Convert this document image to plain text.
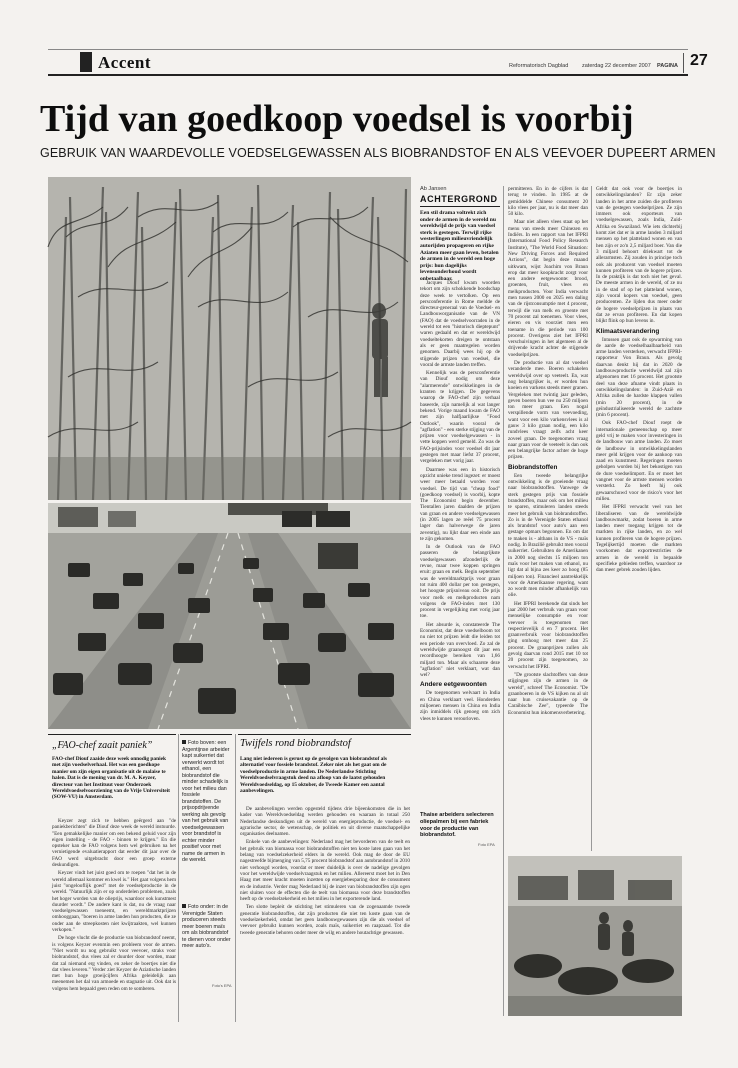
Accent	Reformatorisch Dagblad zaterdag 22 december 2007 PAGINA 27
Tijd van goedkoop voedsel is voorbij
GEBRUIK VAN WAARDEVOLLE VOEDSELGEWASSEN ALS BIOBRANDSTOF EN ALS VEEVOER DUPEERT ARMEN
Ab Jansen
ACHTERGROND
Een stil drama voltrekt zich onder de armen in de wereld nu wereldwijd de prijs van voedsel sterk is gestegen. Terwijl rijke westerlingen milieuvriendelijk autorijden propageren en rijke Aziaten meer gaan leven, betalen de armen in de wereld een hoge prijs: hun dagelijks levensonderhoud wordt onbetaalbaar.

Jacques Diouf kwam woorden tekort om zijn schokkende boodschap deze week te vertolken. Op een persconferentie in Rome meldde de directeur-generaal van de Voedsel- en Landbouworganisatie van de VN (FAO) dat de voedselvoorraden in de wereld tot een "historisch dieptepunt" waren gedaald en dat er wereldwijd voedseltekorten dreigen te ontstaan als er geen maatregelen worden genomen. Daarbij wees hij op de stijgende prijzen van voedsel, die vooral de armste landen treffen.

Kennelijk was de persconferentie van Diouf nodig om deze "alarmerende" ontwikkelingen in de kranten te krijgen. De gegevens waarop de FAO-chef zijn verhaal baseerde, zijn namelijk al wat langer bekend. Vorige maand kwam de FAO met zijn halfjaarlijkse "Food Outlook", waarin vooral de "agflation" - een sterke stijging van de prijzen voor voedselgewassen - in vette koppen werd gemeld. Zo was de FAO-prijsindex voor voedsel dit jaar gestegen met maar liefst 37 procent, vergeleken met vorig jaar.

Daarmee was een in historisch opzicht unieke trend ingezet: er moest weer meer betaald worden voor voedsel. De tijd van "cheap food" (goedkoop voedsel) is voorbij, kopte The Economist begin december. Tientallen jaren daalden de prijzen van graan en andere voedselgewassen (in 2005 lagen ze reëel 75 procent lager dan halverwege de jaren zeventig), nu lijkt daar een einde aan te zijn gekomen.

In de Outlook van de FAO passeren de belangrijkste voedselgewassen afzonderlijk de revue, maar twee koppen springen eruit: graan en melk. Begin september was de wereldmarktprijs voor graan tot ruim 400 dollar per ton gestegen, het hoogste prijsniveau ooit. De prijs voor melk en melkproducten nam volgens de FAO-index met 130 procent in vergelijking met vorig jaar toe.

Het absurde is, constateerde The Economist, dat deze voedselboom tot nu niet tot prijzen leidt die leiden tot een periode van overvloed. Zo zal de wereldwijde graanoogst dit jaar een recordhoogte bereiken van 1,66 miljard ton. Maar als schaarste deze "agflation" niet verklaart, wat dan wel?

Andere eetgewoonten

De toegenomen welvaart in India en China verklaart veel. Honderden miljoenen mensen in China en India zijn inmiddels rijk genoeg om zich vlees te kunnen veroorloven.

Thaise arbeiders selecteren oliepalmen bij een fabriek voor de productie van biobrandstof.
Foto EPA

permitteren. En in de cijfers is dat terug te vinden. In 1985 at de gemiddelde Chinese consument 20 kilo vlees per jaar, nu is dat meer dan 50 kilo.

Maar niet alleen vlees staat op het menu van steeds meer Chinezen en Indiërs. In een rapport van het IFPRI (International Food Policy Research Institute), "The World Food Situation: New Driving Forces and Required Actions", dat begin deze maand uitkwam, wijst Joachim von Braun erop dat meer koopkracht zorgt voor een andere eetgewoonte: brood, groenten, fruit, vlees en melkproducten. Voor India verwacht men tussen 2000 en 2025 een daling van de rijstconsumptie met 4 procent, terwijl die van melk en groente met 70 procent zal toenemen. Voor vlees, eieren en vis voorziet men een toename in die periode van 100 procent. Overigens ziet het IFPRI verschuivingen in het algemeen al de drijvende kracht achter de stijgende voedselprijzen.

De productie van al dat voedsel veranderde mee. Boeren schakelen wereldwijd over op veeteelt. En, wat nog belangrijker is, er worden hun koeien en varkens steeds meer granen. Vergeleken met twintig jaar geleden, geven boeren hun vee nu 250 miljoen ton meer graan. Een nogal verspillende vorm van veevoeding, want voor een kilo varkensvlees is al gauw 3 kilo graan nodig, een kilo rundvlees vraagt zelfs acht keer zoveel graan. De toegenomen vraag naar graan voor de veeteelt is dan ook een belangrijke factor achter de hoge prijzen.

Biobrandstoffen

Een tweede belangrijke ontwikkeling is de groeiende vraag naar biobrandstoffen. Vanwege de sterk gestegen prijs van fossiele brandstoffen, maar ook om het milieu te sparen, stimuleren landen steeds meer het gebruik van biobrandstoffen. Zo is in de Verenigde Staten ethanol als brandstof voor auto's aan een gestage opmars begonnen. En om dat te maken is - althans in de VS - maïs nodig. In Brazilië gebruikt men vooral suikerriet. Gebruikten de Amerikanen in 2000 nog slechts 15 miljoen ton maïs voor het maken van ethanol, nu ligt dat al bijna zes keer zo hoog (85 miljoen ton). Financieel aantrekkelijk voor de Amerikaanse regering, want zo wordt men minder afhankelijk van olie.

Het IFPRI berekende dat sinds het jaar 2000 het verbruik van graan voor menselijke consumptie en voor veevoer is toegenomen met respectievelijk 4 en 7 procent. Het graanverbruik voor biobrandstoffen ging omhoog met meer dan 25 procent. De graanprijzen zullen als gevolg daarvan rond 2015 met 10 tot 20 procent zijn toegenomen, zo verwacht het IFPRI.

"De grootste slachtoffers van deze stijgingen zijn de armen in de wereld", schreef The Economist. "De graanboeren in de VS kijken nu al uit naar hun cruisevakantie op de Caraïbische Zee", typeerde The Economist hun inkomensverbetering.

Geldt dat ook voor de boertjes in ontwikkelingslanden? Er zijn zeker landen in het arme zuiden die profiteren van de gestegen voedselprijzen. Ze zijn immers ook exporteurs van voedselgewassen, zoals India, Zuid-Afrika en Swaziland. Wie iets dichterbij komt ziet dat er in arme landen 3 miljard mensen op het platteland wonen en van hen zijn er zo'n 2,5 miljard boer. Van die 3 miljard behoort driekwart tot de allerarmsten. Zij zouden in principe toch ook als producent van voedsel moeten kunnen profiteren van de hogere prijzen. In de praktijk is dat toch niet het geval. De meeste armen in de wereld, of ze nu in de stad of op het platteland wonen, zijn vooral kopers van voedsel, geen producenten. Ze lijden dus meer onder de hogere voedselprijzen in plaats van dat ze ervan profiteren. En dat kopen blijkt flink op hun levens in.

Klimaatsverandering

Intussen gaat ook de opwarming van de aarde de voedselhaalbaarheid van arme landen versterken, verwacht IFPRI-rapporteur Von Braun. Als gevolg daarvan denkt hij dat in 2020 de landbouwproductie wereldwijd zal zijn afgenomen met 16 procent. Het grootste deel van deze afname vindt plaats in ontwikkelingslanden: in Zuid-Azië en Afrika zullen de hardste klappen vallen (min 20 procent), in de geïndustrialiseerde wereld de zachtste (min 6 procent).

Ook FAO-chef Diouf roept de internationale gemeenschap op meer geld vrij te maken voor investeringen in de landbouw van arme landen. Zo moet de landbouw in ontwikkelingslanden meer geld krijgen voor de aankoop van zaad en kunstmest. Regeringen moeten geholpen worden bij het bekostigen van de dure voedselimport. En er moet het vangnet voor de armste mensen worden versterkt. Zo heeft hij ook gewaarschuwd voor de risico's voor het milieu.

Het IFPRI verwacht veel van het liberaliseren van de wereldwijde landbouwmarkt, zodat boeren in arme landen meer toegang krijgen tot de markten in rijke landen, en zo wel kunnen profiteren van de hogere prijzen. Tegelijkertijd moeten die markten voorkomen dat exportrestricties de armen in de wereld in bepaalde specifieke gebieden treffen, waardoor ze dan meer gebrek zouden lijden.

„FAO-chef zaait paniek”
FAO-chef Diouf zaaide deze week onnodig paniek met zijn voedselverhaal. Het was een goedkope manier om zijn eigen organisatie uit de malaise te halen. Dat is de mening van dr. M. A. Keyzer, directeur van het Instituut voor Onderzoek Wereldvoedselvoorziening van de Vrije Universiteit (SOW-VU) in Amsterdam.

Keyzer zegt zich te hebben geërgerd aan "de paniekberichten" die Diouf deze week de wereld instuurde. "Een gemakkelijke manier om een bekend geluid voor zijn eigen instelling - de FAO - binnen te krijgen." En die opsteker kan de FAO volgens hem wel gebruiken na het vernietigende evaluatierapport dat eerder dit jaar over de FAO werd uitgebracht door een groep externe deskundigen.

Keyzer vindt het juist goed om te roepen "dat het in de wereld allemaal kommer en kwel is." Het gaat volgens hem juist "ongelooflijk goed" met de voedselproductie in de wereld. "Natuurlijk zijn er op onderdelen problemen, zoals het hoger worden van de olieprijs, waardoor ook kunstmest duurder wordt." De andere kant is dat, nu de vraag naar voedselgewassen toeneemt, en wereldmarktprijzen omhooggaan, "boeren in arme landen hun producten, die ze onder aan de streepkosten niet kwijtraakten, wel kunnen verkopen."

De hoge vlucht die de productie van biobrandstof neemt, is volgens Keyzer evenmin een probleem voor de armen. "Niet wordt nu nog gebruikt voor veevoer, straks voor biobrandstof, dus vlees zal er duurder door worden, maar dat zal niemand erg vinden, en zeker de boertjes niet die dat vlees leveren." Verder ziet Keyzer de Aziatische landen met hun hoge groeijcijfers Afrika geleidelijk aan meenemen het dal van armoede en stagnatie uit. Ook dat is volgens hem bepaald geen reden om te somberen.

Foto boven: een Argentijnse arbeider kapt suikerriet dat verwerkt wordt tot ethanol, een biobrandstof die minder schadelijk is voor het milieu dan fossiele brandstoffen. De prijsopdrijvende werking als gevolg van het gebruik van voedselgewassen voor brandstof is echter minder positief voor met name de armen in de wereld.
Foto onder: in de Verenigde Staten produceren steeds meer boeren maïs om als biobrandstof te dienen voor onder meer auto's.
Foto's EPA
Twijfels rond biobrandstof
Lang niet iedereen is gerust op de gevolgen van biobrandstof als alternatief voor fossiele brandstof. Zeker niet als het gaat om de voedselproductie in arme landen. De Nederlandse Stichting Wereldvoedselvraagstuk deed na afloop van de laatst gehouden Wereldvoedseldag, op 15 oktober, de Tweede Kamer een aantal aanbevelingen.

De aanbevelingen werden opgesteld tijdens drie bijeenkomsten die in het kader van Wereldvoedseldag werden gehouden en waaraan in totaal 250 Nederlandse deskundigen uit de wereld van energieproductie, de voedsel- en agrarische sector, de wetenschap, de politiek en uit diverse maatschappelijke organisaties deelnamen.

Enkele van de aanbevelingen: Nederland mag het bevorderen van de teelt en het gebruik van biomassa voor biobrandstoffen niet ten koste laten gaan van het belang van voedselzekerheid elders in de wereld. Ook mag de door de EU nagestreefde bijmenging van 5,75 procent biobrandstof aan autobrandstof in 2010 niet verhoogd worden, voordat er meer duidelijk is over de nadelige gevolgen voor het wereldwijde voedselvraagstuk en het milieu. Allereerst moet het in Den Haag met meer kracht moeten inzetten op energiebesparing door de consument en de industrie. Verder mag Nederland bij de inzet van biobrandstoffen zijn ogen niet sluiten voor de effecten die de teelt van biomassa voor deze brandstoffen heeft op de voedselzekerheid en het milieu in het exporterende land.

Ten slotte bepleit de stichting het stimuleren van de zogenaamde tweede generatie biobrandstoffen, dat zijn producten die niet ten koste gaan van de voedselzekerheid, omdat het geen landbouwgewassen zijn die als voedsel of veevoer gebruikt kunnen worden, zoals maïs, suikerriet en raapzaad. Tot die tweede generatie behoren onder meer de wilg en andere houtachtige gewassen.
